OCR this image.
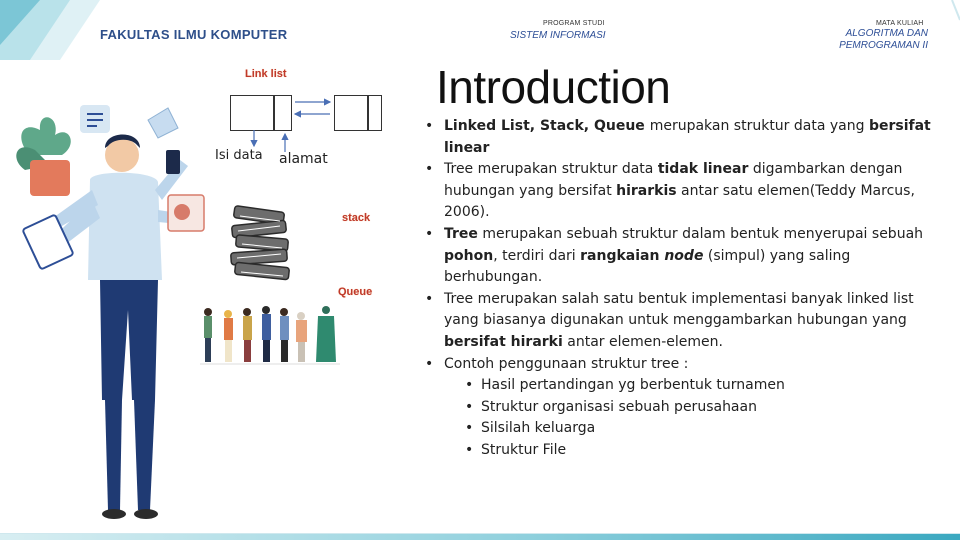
FAKULTAS ILMU KOMPUTER
PROGRAM STUDI
SISTEM INFORMASI
MATA KULIAH
ALGORITMA DAN
PEMROGRAMAN II
Introduction
Link list
Isi data alamat
stack
Queue
• Linked List, Stack, Queue merupakan struktur data yang bersifat linear
• Tree merupakan struktur data tidak linear digambarkan dengan hubungan yang bersifat hirarkis antar satu elemen(Teddy Marcus, 2006).
• Tree merupakan sebuah struktur dalam bentuk menyerupai sebuah pohon, terdiri dari rangkaian node (simpul) yang saling berhubungan.
• Tree merupakan salah satu bentuk implementasi banyak linked list yang biasanya digunakan untuk menggambarkan hubungan yang bersifat hirarki antar elemen-elemen.
• Contoh penggunaan struktur tree :
• Hasil pertandingan yg berbentuk turnamen
• Struktur organisasi sebuah perusahaan
• Silsilah keluarga
• Struktur File
